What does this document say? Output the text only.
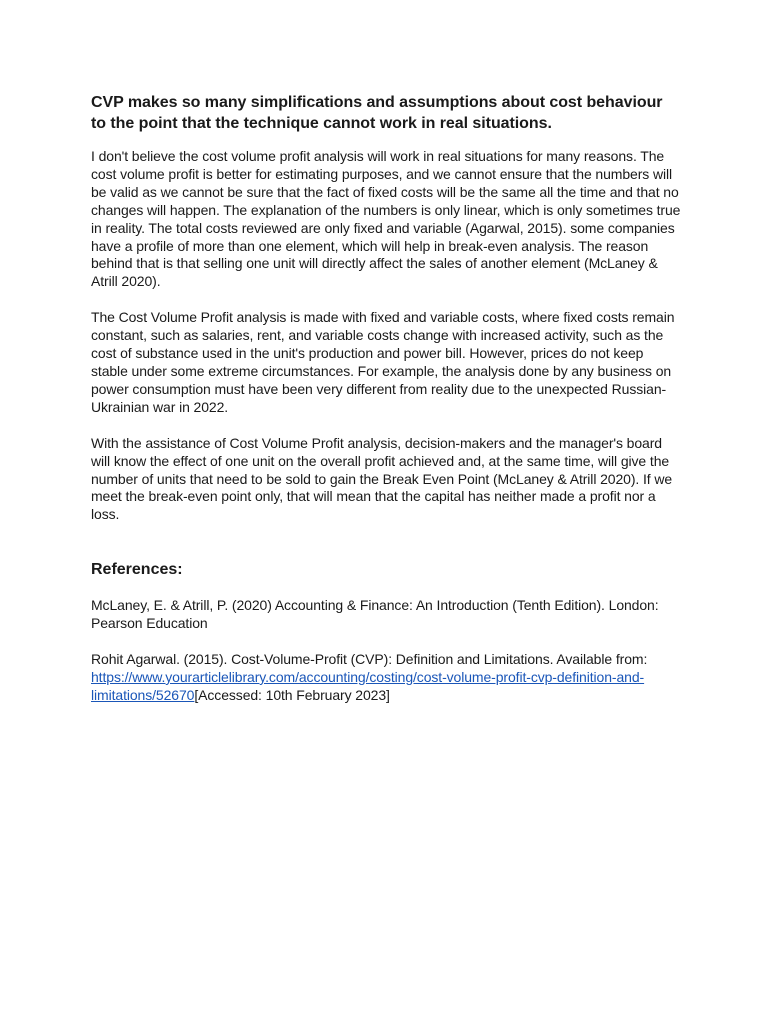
CVP makes so many simplifications and assumptions about cost behaviour to the point that the technique cannot work in real situations.

I don't believe the cost volume profit analysis will work in real situations for many reasons. The cost volume profit is better for estimating purposes, and we cannot ensure that the numbers will be valid as we cannot be sure that the fact of fixed costs will be the same all the time and that no changes will happen. The explanation of the numbers is only linear, which is only sometimes true in reality. The total costs reviewed are only fixed and variable (Agarwal, 2015). some companies have a profile of more than one element, which will help in break-even analysis. The reason behind that is that selling one unit will directly affect the sales of another element (McLaney & Atrill 2020).

The Cost Volume Profit analysis is made with fixed and variable costs, where fixed costs remain constant, such as salaries, rent, and variable costs change with increased activity, such as the cost of substance used in the unit's production and power bill. However, prices do not keep stable under some extreme circumstances. For example, the analysis done by any business on power consumption must have been very different from reality due to the unexpected Russian-Ukrainian war in 2022.

With the assistance of Cost Volume Profit analysis, decision-makers and the manager's board will know the effect of one unit on the overall profit achieved and, at the same time, will give the number of units that need to be sold to gain the Break Even Point (McLaney & Atrill 2020). If we meet the break-even point only, that will mean that the capital has neither made a profit nor a loss.

References:

McLaney, E. & Atrill, P. (2020) Accounting & Finance: An Introduction (Tenth Edition). London: Pearson Education

Rohit Agarwal. (2015). Cost-Volume-Profit (CVP): Definition and Limitations. Available from: https://www.yourarticlelibrary.com/accounting/costing/cost-volume-profit-cvp-definition-and- limitations/52670[Accessed: 10th February 2023]
